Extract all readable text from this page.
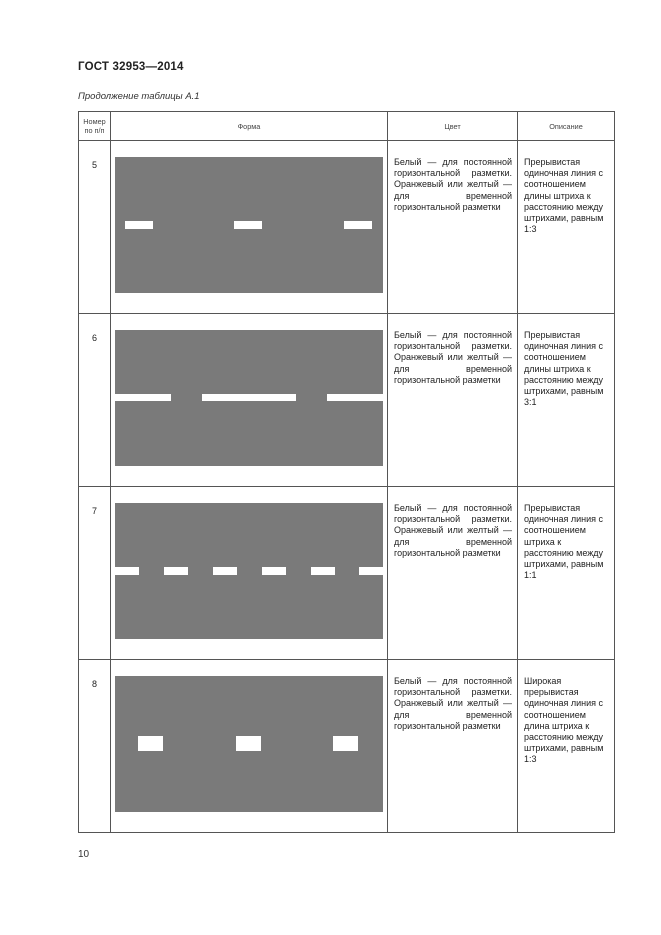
ГОСТ 32953—2014
Продолжение таблицы А.1
Номер по п/п	Форма	Цвет	Описание

5		Белый — для постоянной горизонтальной разметки. Оранжевый или желтый — для временной горизонтальной разметки	Прерывистая одиночная линия с соотношением длины штриха к расстоянию между штрихами, равным 1:3

6		Белый — для постоянной горизонтальной разметки. Оранжевый или желтый — для временной горизонтальной разметки	Прерывистая одиночная линия с соотношением длины штриха к расстоянию между штрихами, равным 3:1

7		Белый — для постоянной горизонтальной разметки. Оранжевый или желтый — для временной горизонтальной разметки	Прерывистая одиночная линия с соотношением штриха к расстоянию между штрихами, равным 1:1

8		Белый — для постоянной горизонтальной разметки. Оранжевый или желтый — для временной горизонтальной разметки	Широкая прерывистая одиночная линия с соотношением длина штриха к расстоянию между штрихами, равным 1:3
10
